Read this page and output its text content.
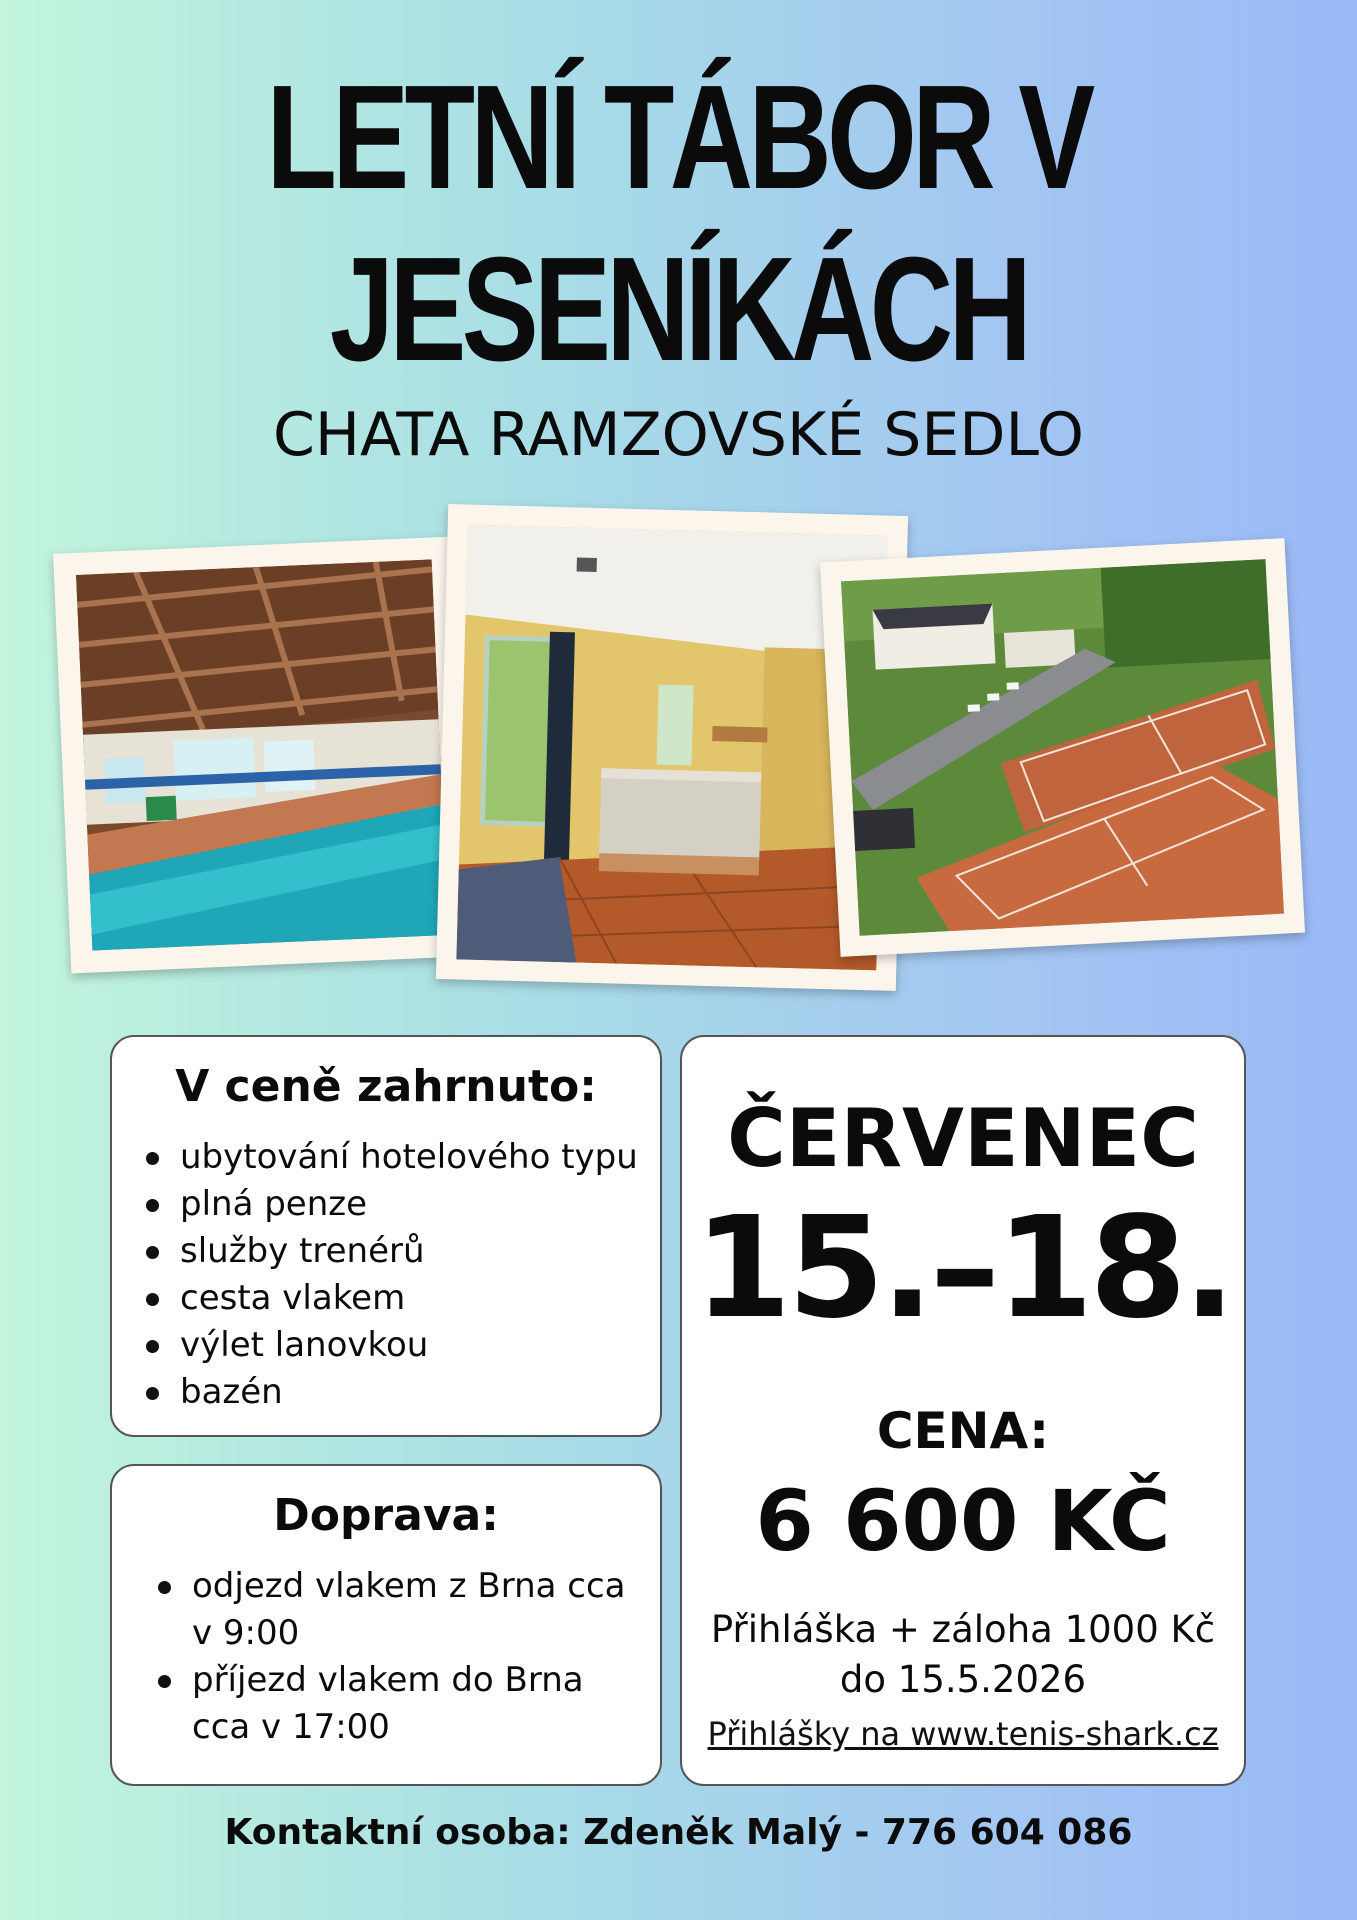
LETNÍ TÁBOR V
JESENÍKÁCH
CHATA RAMZOVSKÉ SEDLO
V ceně zahrnuto:
ubytování hotelového typu
plná penze
služby trenérů
cesta vlakem
výlet lanovkou
bazén
Doprava:
odjezd vlakem z Brna cca v 9:00
příjezd vlakem do Brna cca v 17:00
ČERVENEC
15.–18.
CENA:
6 600 KČ
Přihláška + záloha 1000 Kč
do 15.5.2026
Přihlášky na www.tenis-shark.cz
Kontaktní osoba: Zdeněk Malý - 776 604 086
